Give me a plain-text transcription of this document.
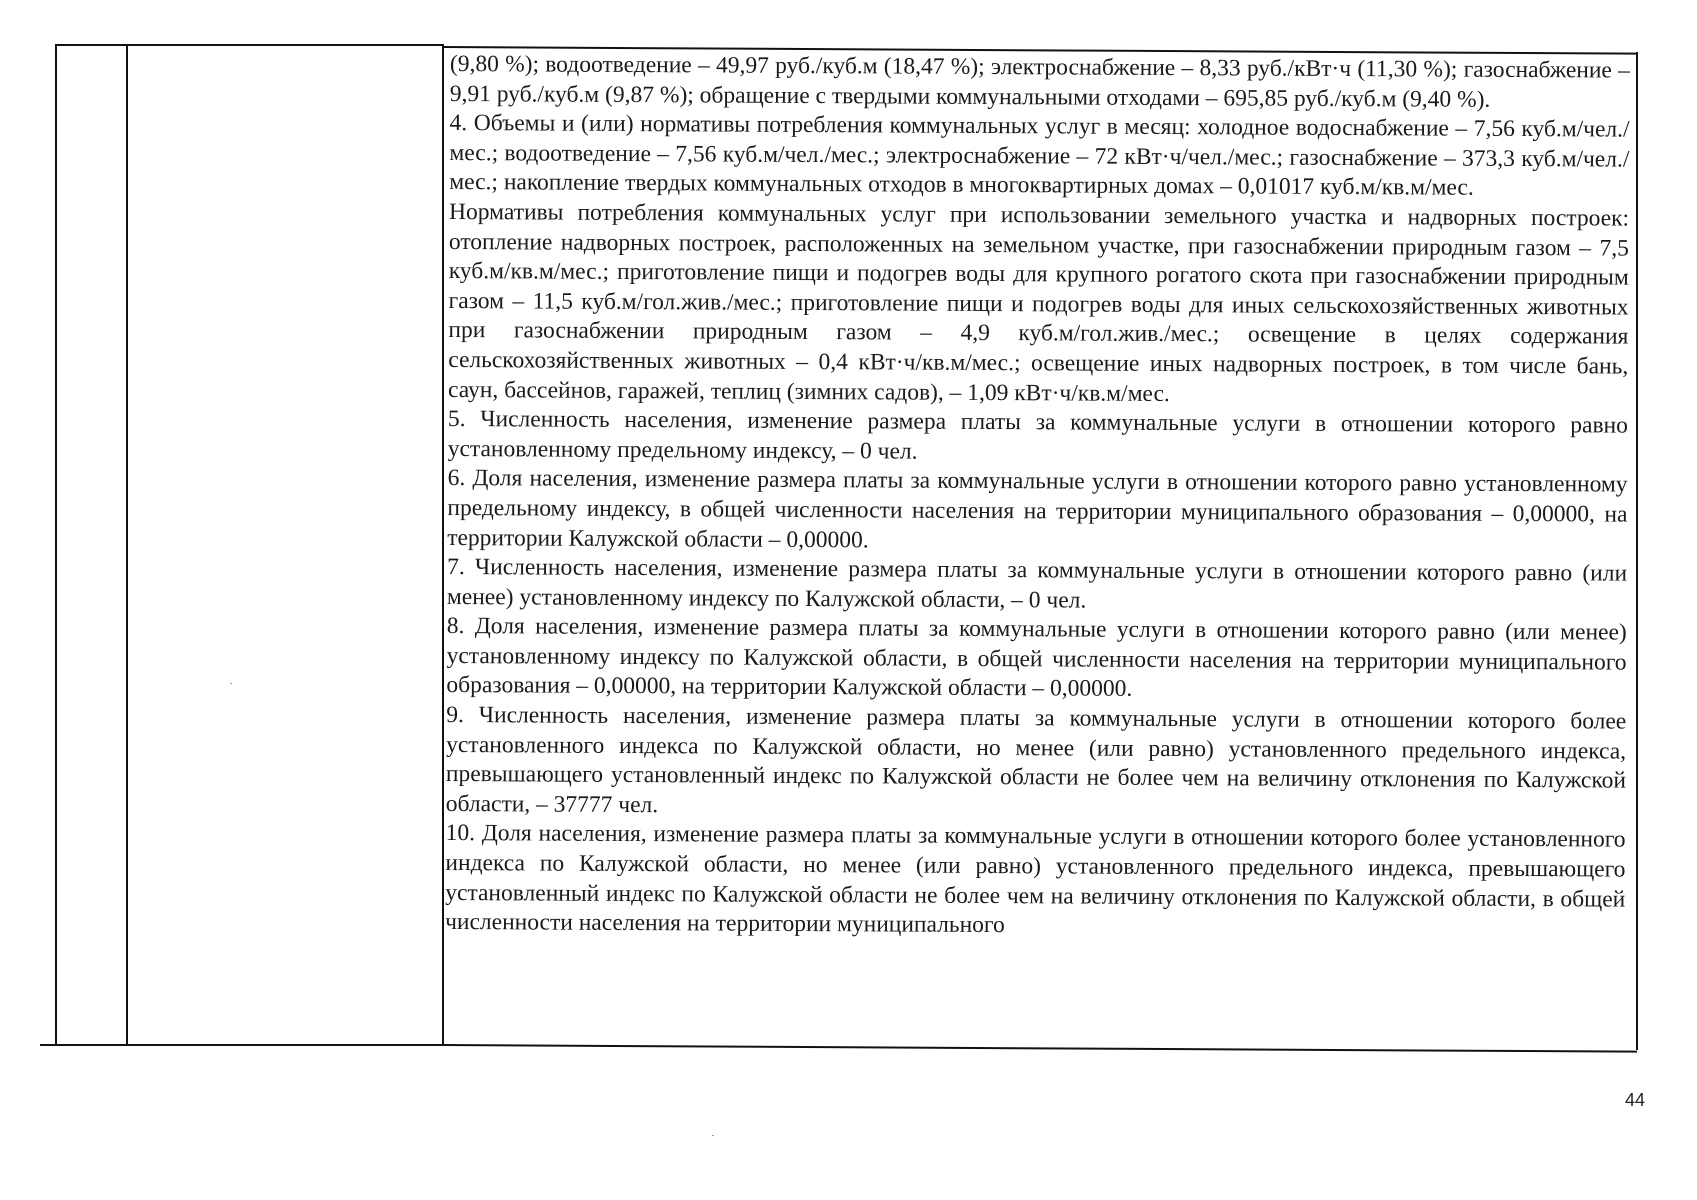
(9,80 %); водоотведение – 49,97 руб./куб.м (18,47 %); электроснабжение – 8,33 руб./кВт·ч (11,30 %); газоснабжение – 9,91 руб./куб.м (9,87 %); обращение с твердыми коммунальными отходами – 695,85 руб./куб.м (9,40 %).

4. Объемы и (или) нормативы потребления коммунальных услуг в месяц: холодное водоснабжение – 7,56 куб.м/чел./мес.; водоотведение – 7,56 куб.м/чел./мес.; электроснабжение – 72 кВт·ч/чел./мес.; газоснабжение – 373,3 куб.м/чел./мес.; накопление твердых коммунальных отходов в многоквартирных домах – 0,01017 куб.м/кв.м/мес.

Нормативы потребления коммунальных услуг при использовании земельного участка и надворных построек: отопление надворных построек, расположенных на земельном участке, при газоснабжении природным газом – 7,5 куб.м/кв.м/мес.; приготовление пищи и подогрев воды для крупного рогатого скота при газоснабжении природным газом – 11,5 куб.м/гол.жив./мес.; приготовление пищи и подогрев воды для иных сельскохозяйственных животных при газоснабжении природным газом – 4,9 куб.м/гол.жив./мес.; освещение в целях содержания сельскохозяйственных животных – 0,4 кВт·ч/кв.м/мес.; освещение иных надворных построек, в том числе бань, саун, бассейнов, гаражей, теплиц (зимних садов), – 1,09 кВт·ч/кв.м/мес.

5. Численность населения, изменение размера платы за коммунальные услуги в отношении которого равно установленному предельному индексу, – 0 чел.

6. Доля населения, изменение размера платы за коммунальные услуги в отношении которого равно установленному предельному индексу, в общей численности населения на территории муниципального образования – 0,00000, на территории Калужской области – 0,00000.

7. Численность населения, изменение размера платы за коммунальные услуги в отношении которого равно (или менее) установленному индексу по Калужской области, – 0 чел.

8. Доля населения, изменение размера платы за коммунальные услуги в отношении которого равно (или менее) установленному индексу по Калужской области, в общей численности населения на территории муниципального образования – 0,00000, на территории Калужской области – 0,00000.

9. Численность населения, изменение размера платы за коммунальные услуги в отношении которого более установленного индекса по Калужской области, но менее (или равно) установленного предельного индекса, превышающего установленный индекс по Калужской области не более чем на величину отклонения по Калужской области, – 37777 чел.

10. Доля населения, изменение размера платы за коммунальные услуги в отношении которого более установленного индекса по Калужской области, но менее (или равно) установленного предельного индекса, превышающего установленный индекс по Калужской области не более чем на величину отклонения по Калужской области, в общей численности населения на территории муниципального

44
